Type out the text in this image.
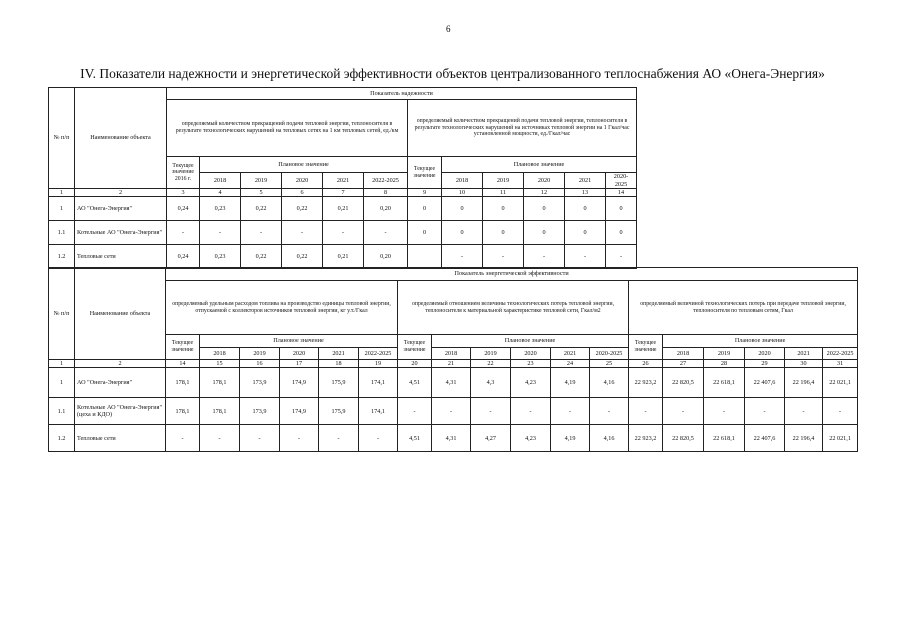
6
IV. Показатели надежности и энергетической эффективности объектов централизованного теплоснабжения АО «Онега-Энергия»
№ п/п	Наименование объекта	Показатель надежности											
		определяемый количеством прекращений подачи тепловой энергии, теплоносителя в результате технологических нарушений на тепловых сетях на 1 км тепловых сетей, ед./км						определяемый количеством прекращений подачи тепловой энергии, теплоносителя в результате технологических нарушений на источниках тепловой энергии на 1 Гкал/час установленной мощности, ед./Гкал/час					
		Текущее значение 2016 г.	Плановое значение					Текущее значение	Плановое значение				
			2018	2019	2020	2021	2022-2025		2018	2019	2020	2021	2020-2025
1	2	3	4	5	6	7	8	9	10	11	12	13	14
1	АО "Онега-Энергия"	0,24	0,23	0,22	0,22	0,21	0,20	0	0	0	0	0	0
1.1	Котельные АО "Онега-Энергия"	-	-	-	-	-	-	0	0	0	0	0	0
1.2	Тепловые сети	0,24	0,23	0,22	0,22	0,21	0,20		-	-	-	-	-
№ п/п	Наименование объекта	Показатель энергетической эффективности																	
		определяемый удельным расходом топлива на производство единицы тепловой энергии, отпускаемой с коллекторов источников тепловой энергии, кг у.т./Гкал						определяемый отношением величины технологических потерь тепловой энергии, теплоносителя к материальной характеристике тепловой сети, Гкал/м2						определяемый величиной технологических потерь при передаче тепловой энергии, теплоносителя по тепловым сетям, Гкал					
		Текущее значение	Плановое значение					Текущее значение	Плановое значение					Текущее значение	Плановое значение				
			2018	2019	2020	2021	2022-2025		2018	2019	2020	2021	2020-2025		2018	2019	2020	2021	2022-2025
1	2	14	15	16	17	18	19	20	21	22	23	24	25	26	27	28	29	30	31
1	АО "Онега-Энергия"	178,1	178,1	173,9	174,9	175,9	174,1	4,51	4,31	4,3	4,23	4,19	4,16	22 923,2	22 820,5	22 618,1	22 407,6	22 196,4	22 021,1
1.1	Котельные АО "Онега-Энергия" (цеха и КДО)	178,1	178,1	173,9	174,9	175,9	174,1	-	-	-	-	-	-	-	-	-	-	-	-
1.2	Тепловые сети	-	-	-	-	-	-	4,51	4,31	4,27	4,23	4,19	4,16	22 923,2	22 820,5	22 618,1	22 407,6	22 196,4	22 021,1
